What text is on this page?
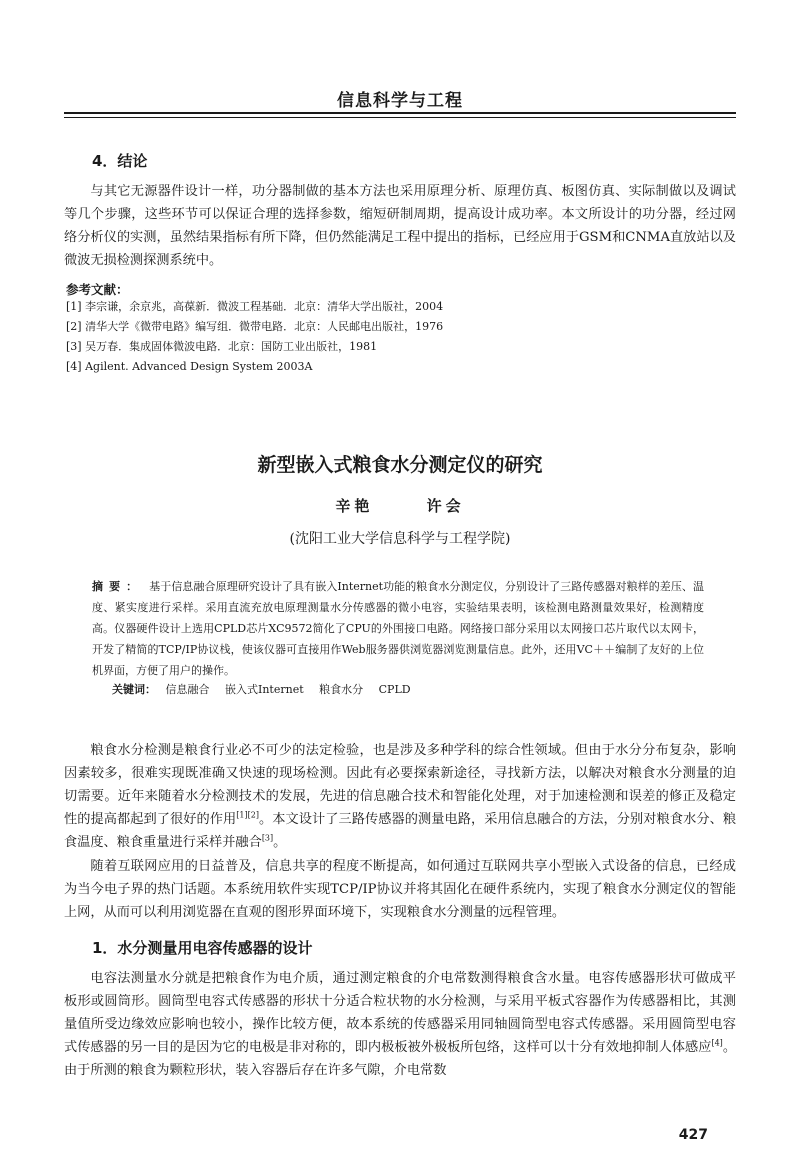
信息科学与工程
4．结论

与其它无源器件设计一样，功分器制做的基本方法也采用原理分析、原理仿真、板图仿真、实际制做以及调试等几个步骤，这些环节可以保证合理的选择参数，缩短研制周期，提高设计成功率。本文所设计的功分器，经过网络分析仪的实测，虽然结果指标有所下降，但仍然能满足工程中提出的指标，已经应用于GSM和CNMA直放站以及微波无损检测探测系统中。

参考文献：
[1] 李宗谦，余京兆，高葆新．微波工程基础．北京：清华大学出版社，2004
[2] 清华大学《微带电路》编写组．微带电路．北京：人民邮电出版社，1976
[3] 吴万春．集成固体微波电路．北京：国防工业出版社，1981
[4] Agilent. Advanced Design System 2003A
新型嵌入式粮食水分测定仪的研究
辛艳	许会
(沈阳工业大学信息科学与工程学院)

摘要： 基于信息融合原理研究设计了具有嵌入Internet功能的粮食水分测定仪，分别设计了三路传感器对粮样的差压、温度、紧实度进行采样。采用直流充放电原理测量水分传感器的微小电容，实验结果表明，该检测电路测量效果好，检测精度高。仪器硬件设计上选用CPLD芯片XC9572简化了CPU的外围接口电路。网络接口部分采用以太网接口芯片取代以太网卡，开发了精简的TCP/IP协议栈，使该仪器可直接用作Web服务器供浏览器浏览测量信息。此外，还用VC＋＋编制了友好的上位机界面，方便了用户的操作。

关键词： 信息融合 嵌入式Internet 粮食水分 CPLD

粮食水分检测是粮食行业必不可少的法定检验，也是涉及多种学科的综合性领域。但由于水分分布复杂，影响因素较多，很难实现既准确又快速的现场检测。因此有必要探索新途径，寻找新方法，以解决对粮食水分测量的迫切需要。近年来随着水分检测技术的发展，先进的信息融合技术和智能化处理，对于加速检测和误差的修正及稳定性的提高都起到了很好的作用[1][2]。本文设计了三路传感器的测量电路，采用信息融合的方法，分别对粮食水分、粮食温度、粮食重量进行采样并融合[3]。

随着互联网应用的日益普及，信息共享的程度不断提高，如何通过互联网共享小型嵌入式设备的信息，已经成为当今电子界的热门话题。本系统用软件实现TCP/IP协议并将其固化在硬件系统内，实现了粮食水分测定仪的智能上网，从而可以利用浏览器在直观的图形界面环境下，实现粮食水分测量的远程管理。

1．水分测量用电容传感器的设计

电容法测量水分就是把粮食作为电介质，通过测定粮食的介电常数测得粮食含水量。电容传感器形状可做成平板形或圆筒形。圆筒型电容式传感器的形状十分适合粒状物的水分检测，与采用平板式容器作为传感器相比，其测量值所受边缘效应影响也较小，操作比较方便，故本系统的传感器采用同轴圆筒型电容式传感器。采用圆筒型电容式传感器的另一目的是因为它的电极是非对称的，即内极板被外极板所包络，这样可以十分有效地抑制人体感应[4]。由于所测的粮食为颗粒形状，装入容器后存在许多气隙，介电常数

427
